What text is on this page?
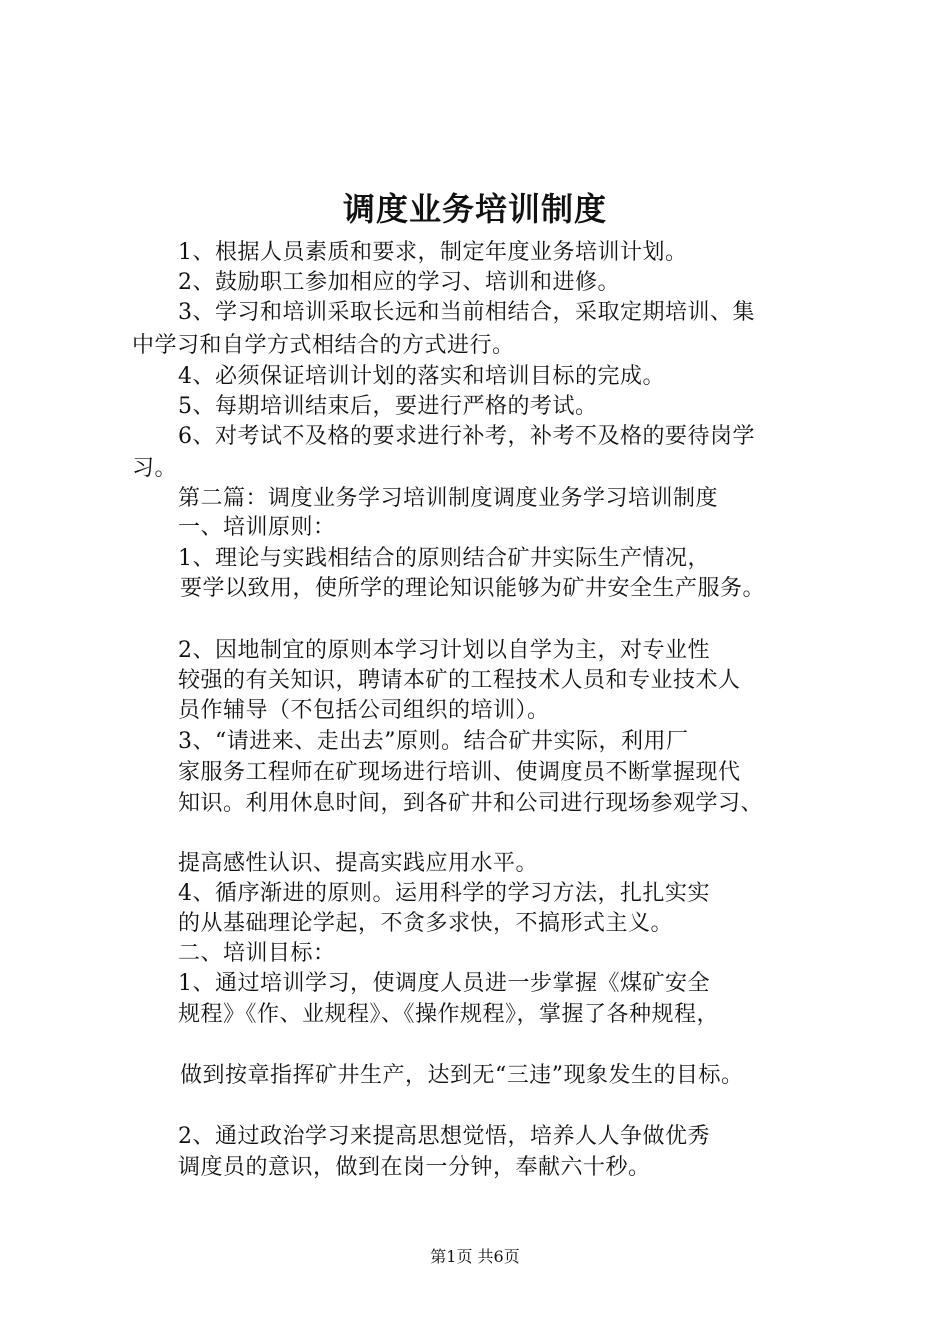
调度业务培训制度
1、根据人员素质和要求，制定年度业务培训计划。
2、鼓励职工参加相应的学习、培训和进修。
3、学习和培训采取长远和当前相结合，采取定期培训、集
中学习和自学方式相结合的方式进行。
4、必须保证培训计划的落实和培训目标的完成。
5、每期培训结束后，要进行严格的考试。
6、对考试不及格的要求进行补考，补考不及格的要待岗学
习。
第二篇：调度业务学习培训制度调度业务学习培训制度
一、培训原则：
1、理论与实践相结合的原则结合矿井实际生产情况，
要学以致用，使所学的理论知识能够为矿井安全生产服务。
2、因地制宜的原则本学习计划以自学为主，对专业性
较强的有关知识，聘请本矿的工程技术人员和专业技术人
员作辅导（不包括公司组织的培训）。
3、“请进来、走出去”原则。结合矿井实际，利用厂
家服务工程师在矿现场进行培训、使调度员不断掌握现代
知识。利用休息时间，到各矿井和公司进行现场参观学习、
提高感性认识、提高实践应用水平。
4、循序渐进的原则。运用科学的学习方法，扎扎实实
的从基础理论学起，不贪多求快，不搞形式主义。
二、培训目标：
1、通过培训学习，使调度人员进一步掌握《煤矿安全
规程》《作、业规程》、《操作规程》，掌握了各种规程，
做到按章指挥矿井生产，达到无“三违”现象发生的目标。
2、通过政治学习来提高思想觉悟，培养人人争做优秀
调度员的意识，做到在岗一分钟，奉献六十秒。
第1页 共6页
